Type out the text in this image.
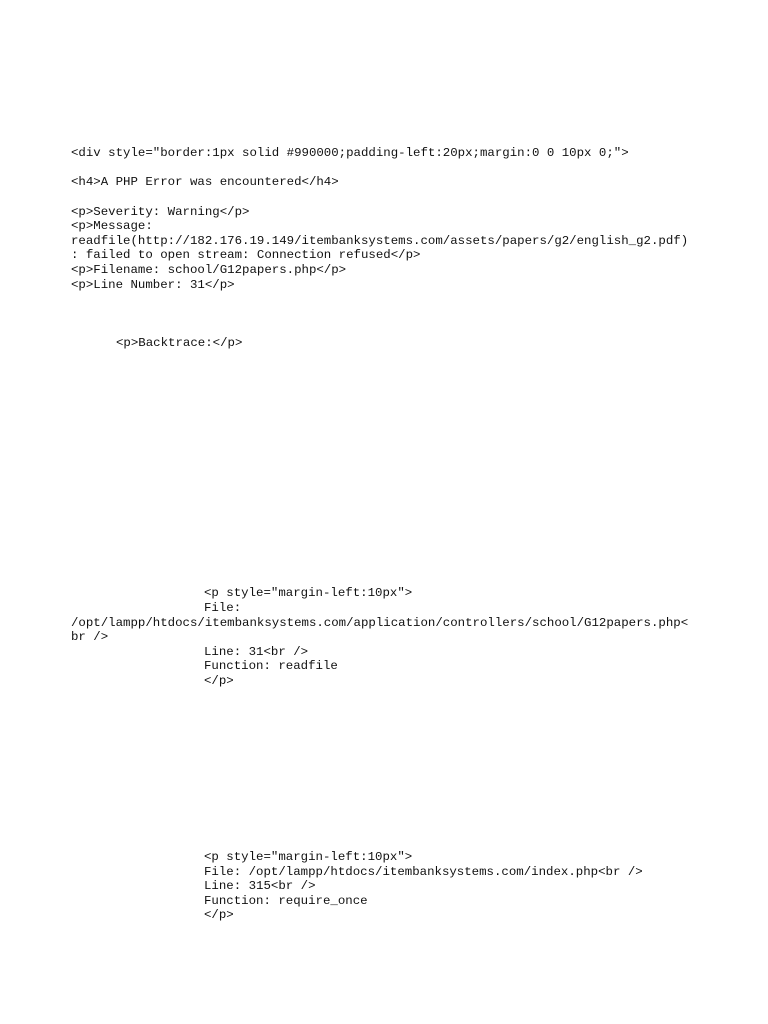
<div style="border:1px solid #990000;padding-left:20px;margin:0 0 10px 0;">
<h4>A PHP Error was encountered</h4>
<p>Severity: Warning</p>
<p>Message:
readfile(http://182.176.19.149/itembanksystems.com/assets/papers/g2/english_g2.pdf)
: failed to open stream: Connection refused</p>
<p>Filename: school/G12papers.php</p>
<p>Line Number: 31</p>
<p>Backtrace:</p>
<p style="margin-left:10px">
File:
/opt/lampp/htdocs/itembanksystems.com/application/controllers/school/G12papers.php<
br />
Line: 31<br />
Function: readfile
</p>
<p style="margin-left:10px">
File: /opt/lampp/htdocs/itembanksystems.com/index.php<br />
Line: 315<br />
Function: require_once
</p>
